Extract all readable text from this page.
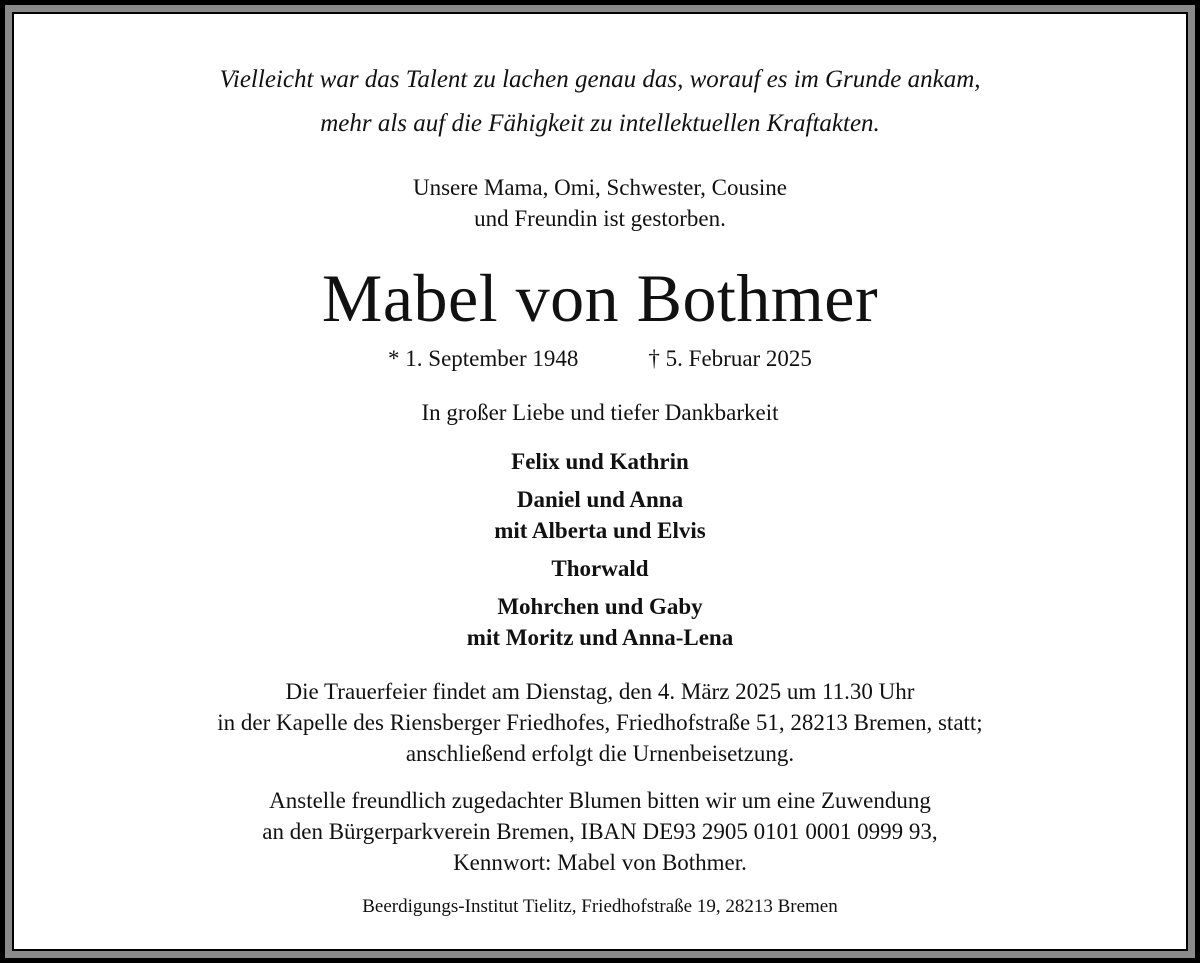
Vielleicht war das Talent zu lachen genau das, worauf es im Grunde ankam,
mehr als auf die Fähigkeit zu intellektuellen Kraftakten.
Unsere Mama, Omi, Schwester, Cousine
und Freundin ist gestorben.
Mabel von Bothmer
* 1. September 1948	† 5. Februar 2025
In großer Liebe und tiefer Dankbarkeit
Felix und Kathrin
Daniel und Anna
mit Alberta und Elvis
Thorwald
Mohrchen und Gaby
mit Moritz und Anna-Lena
Die Trauerfeier findet am Dienstag, den 4. März 2025 um 11.30 Uhr
in der Kapelle des Riensberger Friedhofes, Friedhofstraße 51, 28213 Bremen, statt;
anschließend erfolgt die Urnenbeisetzung.
Anstelle freundlich zugedachter Blumen bitten wir um eine Zuwendung
an den Bürgerparkverein Bremen, IBAN DE93 2905 0101 0001 0999 93,
Kennwort: Mabel von Bothmer.
Beerdigungs-Institut Tielitz, Friedhofstraße 19, 28213 Bremen
